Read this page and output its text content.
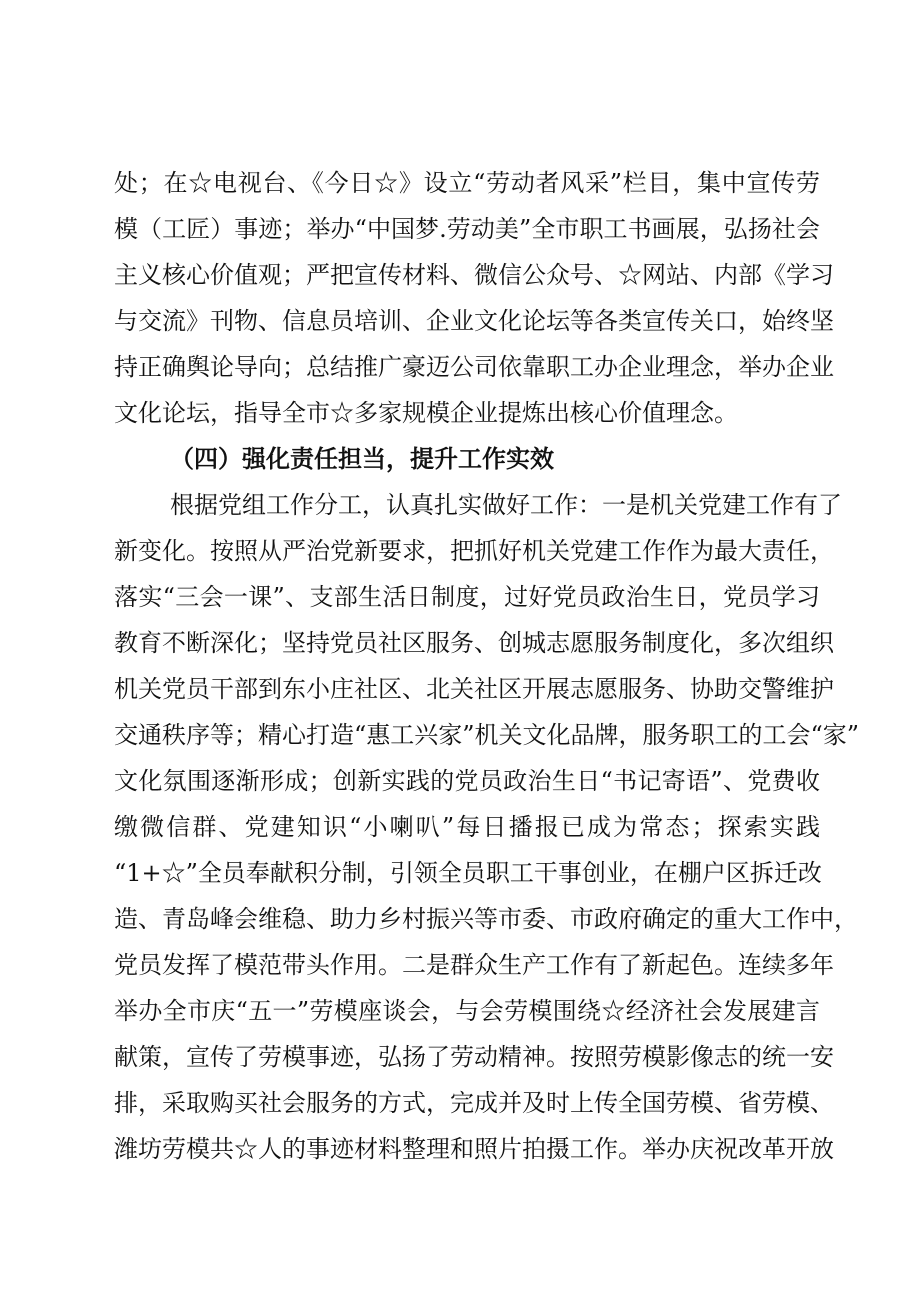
处；在☆电视台、《今日☆》设立“劳动者风采”栏目，集中宣传劳
模（工匠）事迹；举办“中国梦.劳动美”全市职工书画展，弘扬社会
主义核心价值观；严把宣传材料、微信公众号、☆网站、内部《学习
与交流》刊物、信息员培训、企业文化论坛等各类宣传关口，始终坚
持正确舆论导向；总结推广豪迈公司依靠职工办企业理念，举办企业
文化论坛，指导全市☆多家规模企业提炼出核心价值理念。
（四）强化责任担当，提升工作实效
根据党组工作分工，认真扎实做好工作：一是机关党建工作有了
新变化。按照从严治党新要求，把抓好机关党建工作作为最大责任，
落实“三会一课”、支部生活日制度，过好党员政治生日，党员学习
教育不断深化；坚持党员社区服务、创城志愿服务制度化，多次组织
机关党员干部到东小庄社区、北关社区开展志愿服务、协助交警维护
交通秩序等；精心打造“惠工兴家”机关文化品牌，服务职工的工会“家”
文化氛围逐渐形成；创新实践的党员政治生日“书记寄语”、党费收
缴微信群、党建知识“小喇叭”每日播报已成为常态；探索实践
“1+☆”全员奉献积分制，引领全员职工干事创业，在棚户区拆迁改
造、青岛峰会维稳、助力乡村振兴等市委、市政府确定的重大工作中，
党员发挥了模范带头作用。二是群众生产工作有了新起色。连续多年
举办全市庆“五一”劳模座谈会，与会劳模围绕☆经济社会发展建言
献策，宣传了劳模事迹，弘扬了劳动精神。按照劳模影像志的统一安
排，采取购买社会服务的方式，完成并及时上传全国劳模、省劳模、
潍坊劳模共☆人的事迹材料整理和照片拍摄工作。举办庆祝改革开放
